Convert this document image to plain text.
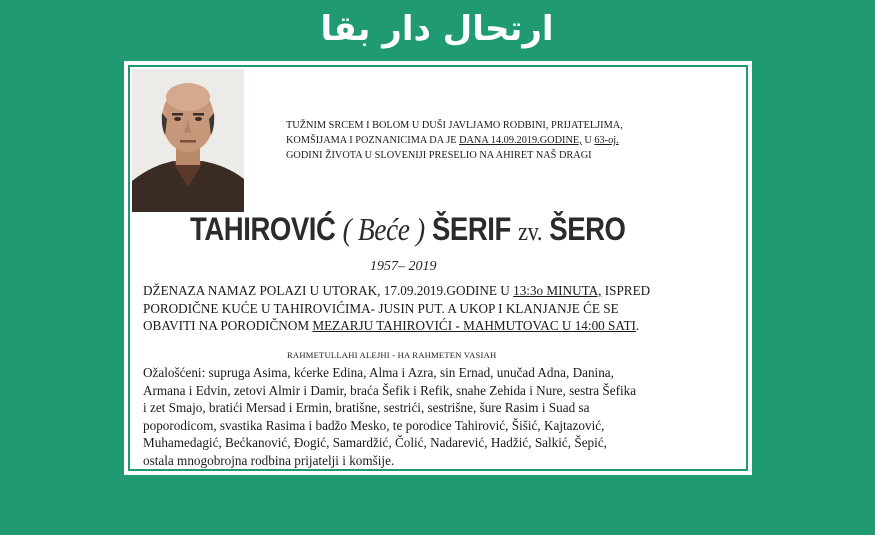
ارتحال دار بقا
TUŽNIM SRCEM I BOLOM U DUŠI JAVLJAMO RODBINI, PRIJATELJIMA,
KOMŠIJAMA I POZNANICIMA DA JE DANA 14.09.2019.GODINE, U 63-oj.
GODINI ŽIVOTA U SLOVENIJI PRESELIO NA AHIRET NAŠ DRAGI
TAHIROVIĆ ( Beće ) ŠERIF zv. ŠERO
1957– 2019
DŽENAZA NAMAZ POLAZI U UTORAK, 17.09.2019.GODINE U 13:3o MINUTA, ISPRED
PORODIČNE KUĆE U TAHIROVIĆIMA- JUSIN PUT. A UKOP I KLANJANJE ĆE SE
OBAVITI NA PORODIČNOM MEZARJU TAHIROVIĆI - MAHMUTOVAC U 14:00 SATI.
RAHMETULLAHI ALEJHI - HA RAHMETEN VASIAH
Ožalošćeni: supruga Asima, kćerke Edina, Alma i Azra, sin Ernad, unučad Adna, Danina,
Armana i Edvin, zetovi Almir i Damir, braća Šefik i Refik, snahe Zehida i Nure, sestra Šefika
i zet Smajo, bratići Mersad i Ermin, bratišne, sestrići, sestrišne, šure Rasim i Suad sa
poporodicom, svastika Rasima i badžo Mesko, te porodice Tahirović, Šišić, Kajtazović,
Muhamedagić, Bećkanović, Đogić, Samardžić, Čolić, Nadarević, Hadžić, Salkić, Šepić,
ostala mnogobrojna rodbina prijatelji i komšije.
